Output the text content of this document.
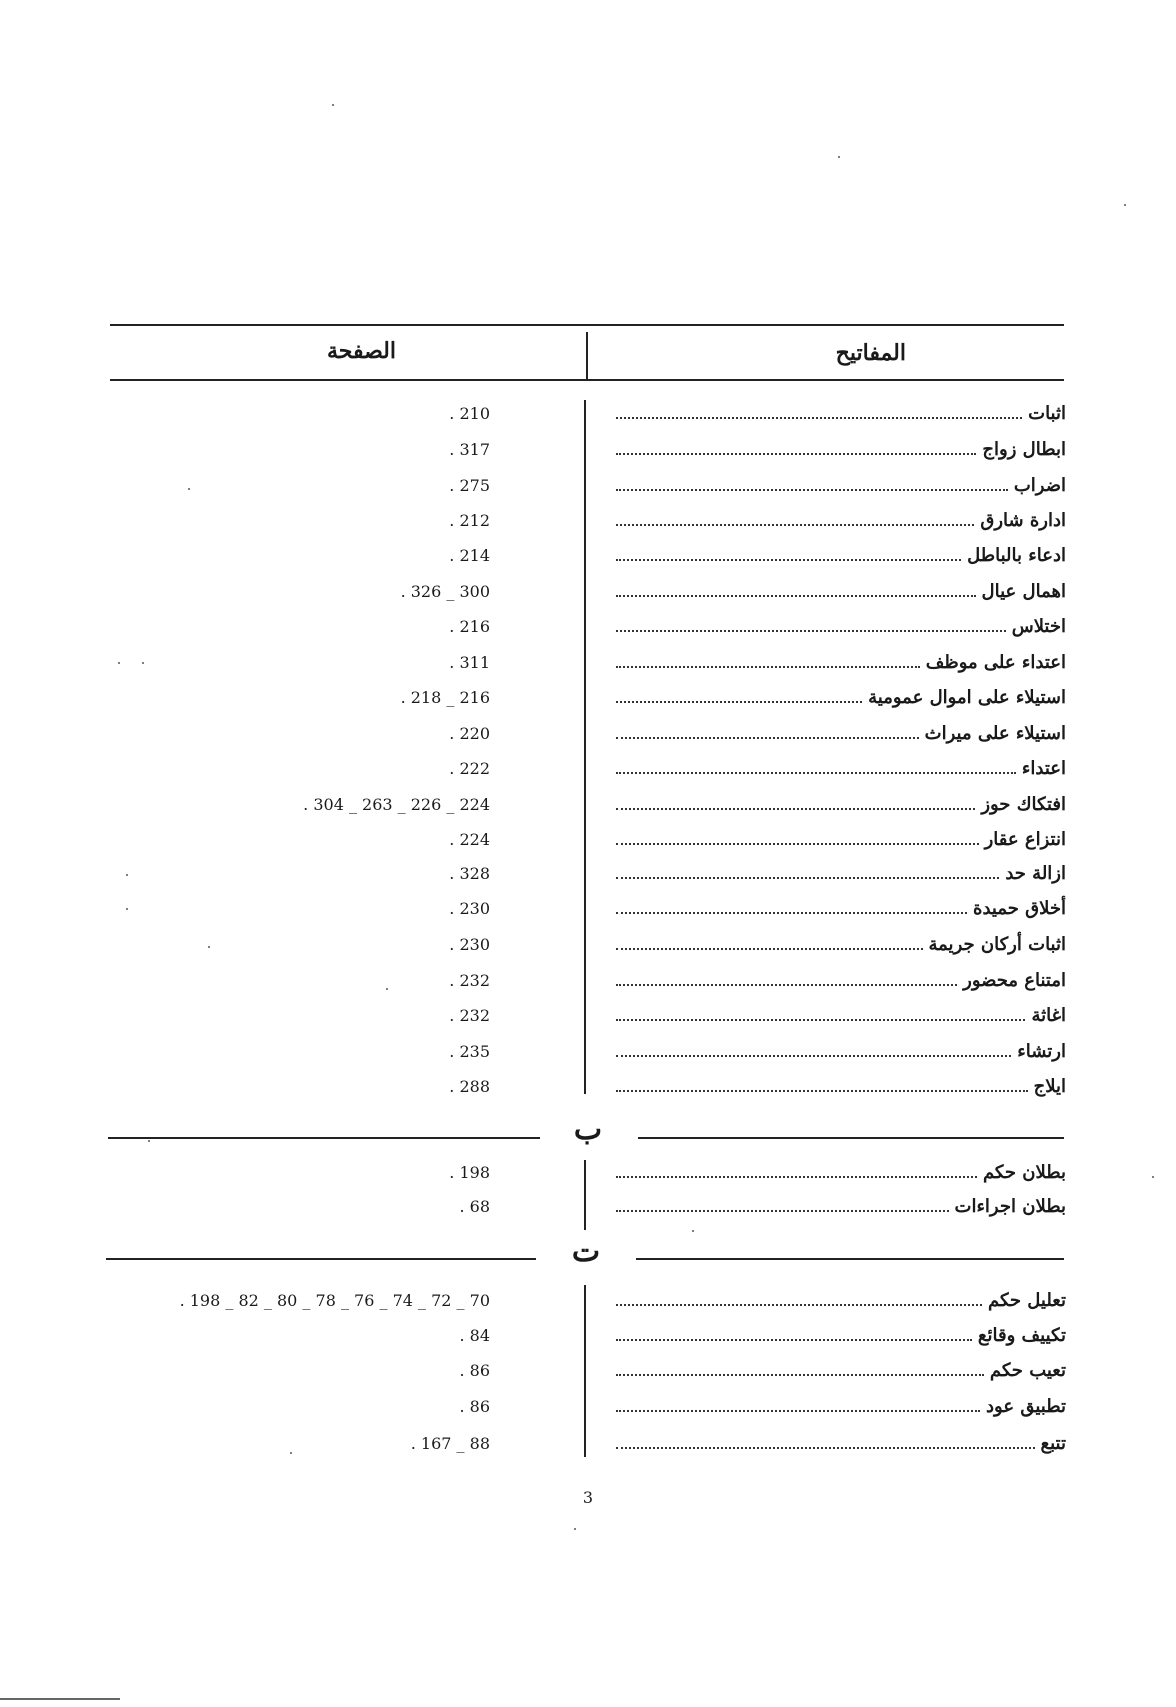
المفاتيح
الصفحة
اثبات
. 210
ابطال زواج
. 317
اضراب
. 275
ادارة شارق
. 212
ادعاء بالباطل
. 214
اهمال عيال
. 326 _ 300
اختلاس
. 216
اعتداء على موظف
. 311
استيلاء على اموال عمومية
. 218 _ 216
استيلاء على ميراث
. 220
اعتداء
. 222
افتكاك حوز
. 304 _ 263 _ 226 _ 224
انتزاع عقار
. 224
ازالة حد
. 328
أخلاق حميدة
. 230
اثبات أركان جريمة
. 230
امتناع محضور
. 232
اغاثة
. 232
ارتشاء
. 235
ايلاج
. 288
ب
بطلان حكم
. 198
بطلان اجراءات
. 68
ت
تعليل حكم
. 198 _ 82 _ 80 _ 78 _ 76 _ 74 _ 72 _ 70
تكييف وقائع
. 84
تعيب حكم
. 86
تطبيق عود
. 86
تتبع
. 167 _ 88
3
